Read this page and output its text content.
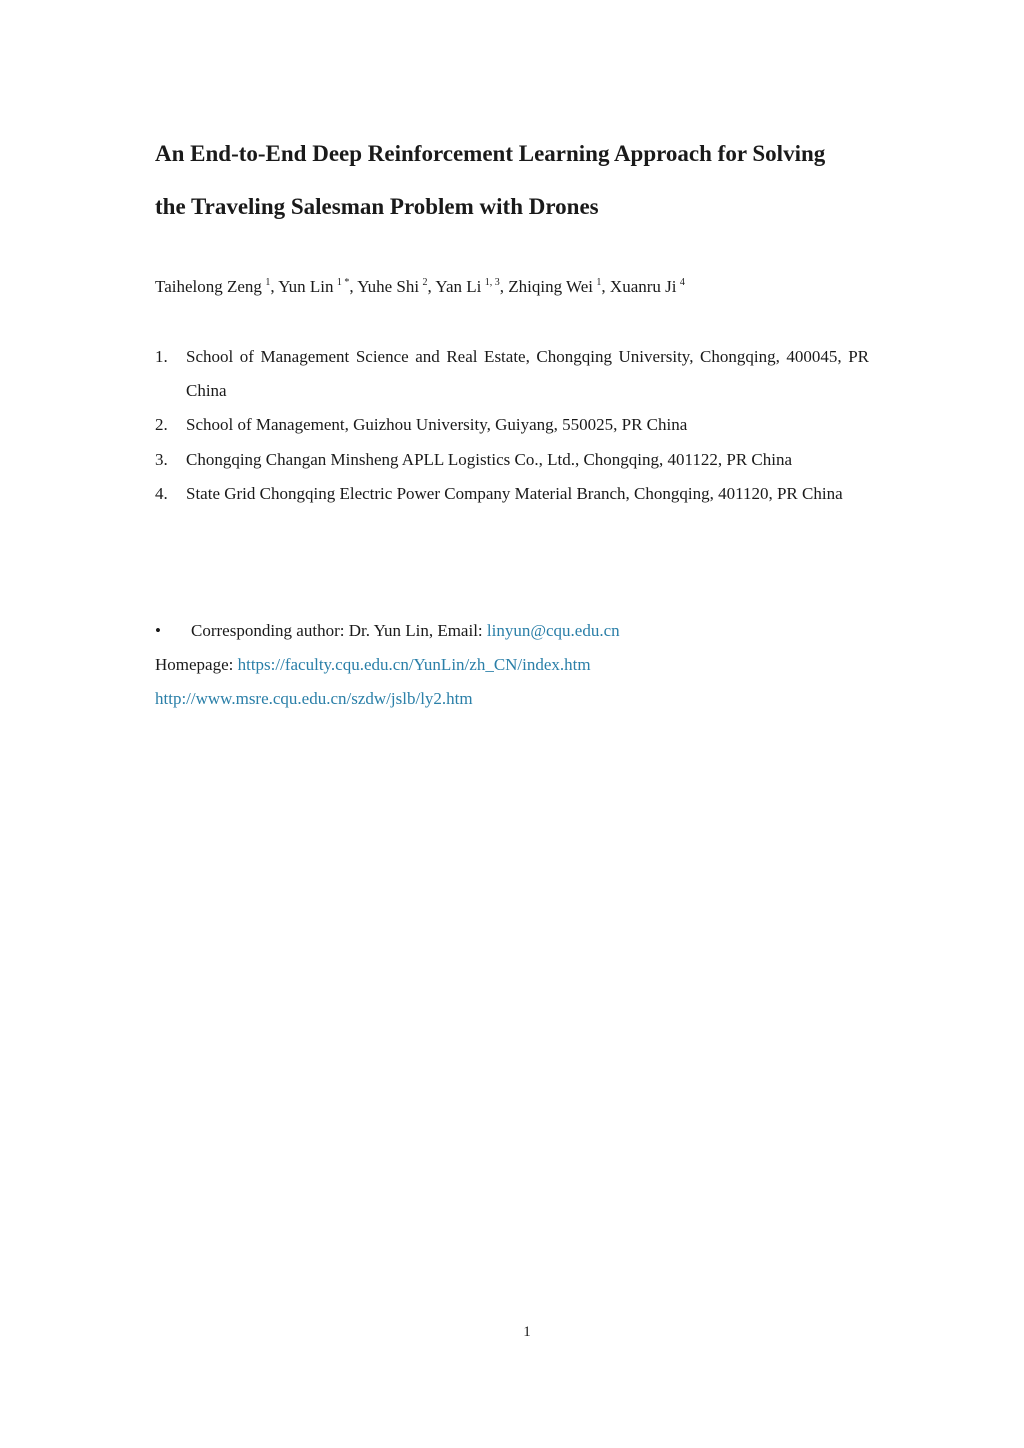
An End-to-End Deep Reinforcement Learning Approach for Solving
the Traveling Salesman Problem with Drones
Taihelong Zeng  $^1$, Yun Lin  $^{1 *}$, Yuhe Shi  $^2$, Yan Li  $^{1, 3}$, Zhiqing Wei  $^1$, Xuanru Ji  $^4$
1. School of Management Science and Real Estate, Chongqing University, Chongqing, 400045, PR China
2. School of Management, Guizhou University, Guiyang, 550025, PR China
3. Chongqing Changan Minsheng APLL Logistics Co., Ltd., Chongqing, 401122, PR China
4. State Grid Chongqing Electric Power Company Material Branch, Chongqing, 401120, PR China
• Corresponding author: Dr. Yun Lin, Email: linyun@cqu.edu.cn
Homepage: https://faculty.cqu.edu.cn/YunLin/zh_CN/index.htm
http://www.msre.cqu.edu.cn/szdw/jslb/ly2.htm
1
